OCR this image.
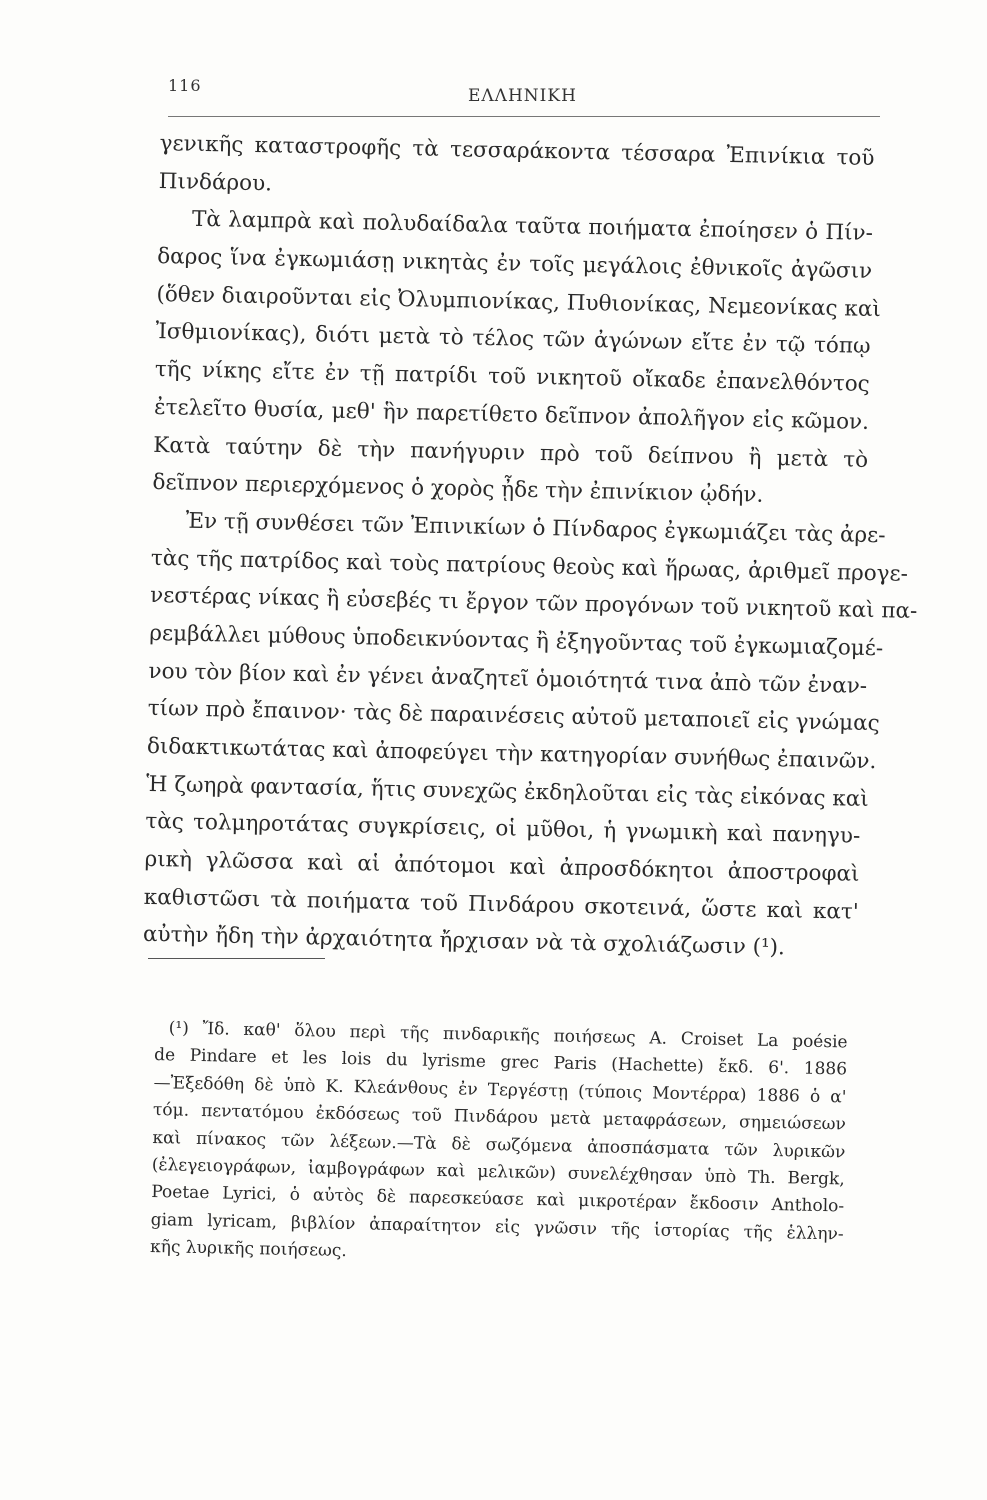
116
ΕΛΛΗΝΙΚΗ
γενικῆς καταστροφῆς τὰ τεσσαράκοντα τέσσαρα Ἐπινίκια τοῦ
Πινδάρου.
Τὰ λαμπρὰ καὶ πολυδαίδαλα ταῦτα ποιήματα ἐποίησεν ὁ Πίν-
δαρος ἵνα ἐγκωμιάσῃ νικητὰς ἐν τοῖς μεγάλοις ἐθνικοῖς ἀγῶσιν
(ὅθεν διαιροῦνται εἰς Ὀλυμπιονίκας, Πυθιονίκας, Νεμεονίκας καὶ
Ἰσθμιονίκας), διότι μετὰ τὸ τέλος τῶν ἀγώνων εἴτε ἐν τῷ τόπῳ
τῆς νίκης εἴτε ἐν τῇ πατρίδι τοῦ νικητοῦ οἴκαδε ἐπανελθόντος
ἐτελεῖτο θυσία, μεθ' ἣν παρετίθετο δεῖπνον ἀπολῆγον εἰς κῶμον.
Κατὰ ταύτην δὲ τὴν πανήγυριν πρὸ τοῦ δείπνου ἢ μετὰ τὸ
δεῖπνον περιερχόμενος ὁ χορὸς ᾖδε τὴν ἐπινίκιον ᾠδήν.
Ἐν τῇ συνθέσει τῶν Ἐπινικίων ὁ Πίνδαρος ἐγκωμιάζει τὰς ἀρε-
τὰς τῆς πατρίδος καὶ τοὺς πατρίους θεοὺς καὶ ἥρωας, ἀριθμεῖ προγε-
νεστέρας νίκας ἢ εὐσεβές τι ἔργον τῶν προγόνων τοῦ νικητοῦ καὶ πα-
ρεμβάλλει μύθους ὑποδεικνύοντας ἢ ἐξηγοῦντας τοῦ ἐγκωμιαζομέ-
νου τὸν βίον καὶ ἐν γένει ἀναζητεῖ ὁμοιότητά τινα ἀπὸ τῶν ἐναν-
τίων πρὸ ἔπαινον· τὰς δὲ παραινέσεις αὐτοῦ μεταποιεῖ εἰς γνώμας
διδακτικωτάτας καὶ ἀποφεύγει τὴν κατηγορίαν συνήθως ἐπαινῶν.
Ἡ ζωηρὰ φαντασία, ἥτις συνεχῶς ἐκδηλοῦται εἰς τὰς εἰκόνας καὶ
τὰς τολμηροτάτας συγκρίσεις, οἱ μῦθοι, ἡ γνωμικὴ καὶ πανηγυ-
ρικὴ γλῶσσα καὶ αἱ ἀπότομοι καὶ ἀπροσδόκητοι ἀποστροφαὶ
καθιστῶσι τὰ ποιήματα τοῦ Πινδάρου σκοτεινά, ὥστε καὶ κατ'
αὐτὴν ἤδη τὴν ἀρχαιότητα ἤρχισαν νὰ τὰ σχολιάζωσιν (¹).
(¹) Ἴδ. καθ' ὅλου περὶ τῆς πινδαρικῆς ποιήσεως A. Croiset La poésie
de Pindare et les lois du lyrisme grec Paris (Hachette) ἔκδ. 6'. 1886
—Ἐξεδόθη δὲ ὑπὸ Κ. Κλεάνθους ἐν Τεργέστῃ (τύποις Μοντέρρα) 1886 ὁ α'
τόμ. πεντατόμου ἐκδόσεως τοῦ Πινδάρου μετὰ μεταφράσεων, σημειώσεων
καὶ πίνακος τῶν λέξεων.—Τὰ δὲ σωζόμενα ἀποσπάσματα τῶν λυρικῶν
(ἐλεγειογράφων, ἰαμβογράφων καὶ μελικῶν) συνελέχθησαν ὑπὸ Th. Bergk,
Poetae Lyrici, ὁ αὐτὸς δὲ παρεσκεύασε καὶ μικροτέραν ἔκδοσιν Antholo-
giam lyricam, βιβλίον ἀπαραίτητον εἰς γνῶσιν τῆς ἱστορίας τῆς ἑλλην-
κῆς λυρικῆς ποιήσεως.
